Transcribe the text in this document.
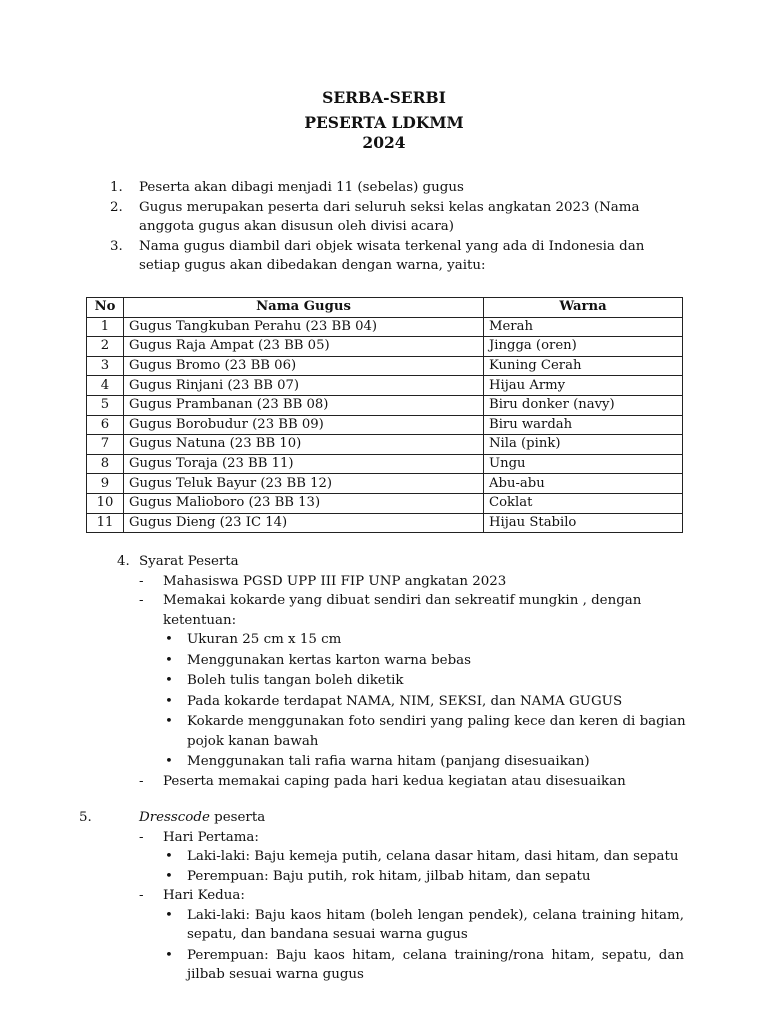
SERBA-SERBI
PESERTA LDKMM
2024
1. Peserta akan dibagi menjadi 11 (sebelas) gugus
2. Gugus merupakan peserta dari seluruh seksi kelas angkatan 2023 (Nama anggota gugus akan disusun oleh divisi acara)
3. Nama gugus diambil dari objek wisata terkenal yang ada di Indonesia dan setiap gugus akan dibedakan dengan warna, yaitu:
No	Nama Gugus	Warna
1	Gugus Tangkuban Perahu (23 BB 04)	Merah
2	Gugus Raja Ampat (23 BB 05)	Jingga (oren)
3	Gugus Bromo (23 BB 06)	Kuning Cerah
4	Gugus Rinjani (23 BB 07)	Hijau Army
5	Gugus Prambanan (23 BB 08)	Biru donker (navy)
6	Gugus Borobudur (23 BB 09)	Biru wardah
7	Gugus Natuna (23 BB 10)	Nila (pink)
8	Gugus Toraja (23 BB 11)	Ungu
9	Gugus Teluk Bayur (23 BB 12)	Abu-abu
10	Gugus Malioboro (23 BB 13)	Coklat
11	Gugus Dieng (23 IC 14)	Hijau Stabilo
4. Syarat Peserta
- Mahasiswa PGSD UPP III FIP UNP angkatan 2023
- Memakai kokarde yang dibuat sendiri dan sekreatif mungkin , dengan ketentuan:
• Ukuran 25 cm x 15 cm
• Menggunakan kertas karton warna bebas
• Boleh tulis tangan boleh diketik
• Pada kokarde terdapat NAMA, NIM, SEKSI, dan NAMA GUGUS
• Kokarde menggunakan foto sendiri yang paling kece dan keren di bagian pojok kanan bawah
• Menggunakan tali rafia warna hitam (panjang disesuaikan)
- Peserta memakai caping pada hari kedua kegiatan atau disesuaikan
5.	Dresscode peserta
- Hari Pertama:
• Laki-laki: Baju kemeja putih, celana dasar hitam, dasi hitam, dan sepatu
• Perempuan: Baju putih, rok hitam, jilbab hitam, dan sepatu
- Hari Kedua:
• Laki-laki: Baju kaos hitam (boleh lengan pendek), celana training hitam, sepatu, dan bandana sesuai warna gugus
• Perempuan: Baju kaos hitam, celana training/rona hitam, sepatu, dan jilbab sesuai warna gugus
